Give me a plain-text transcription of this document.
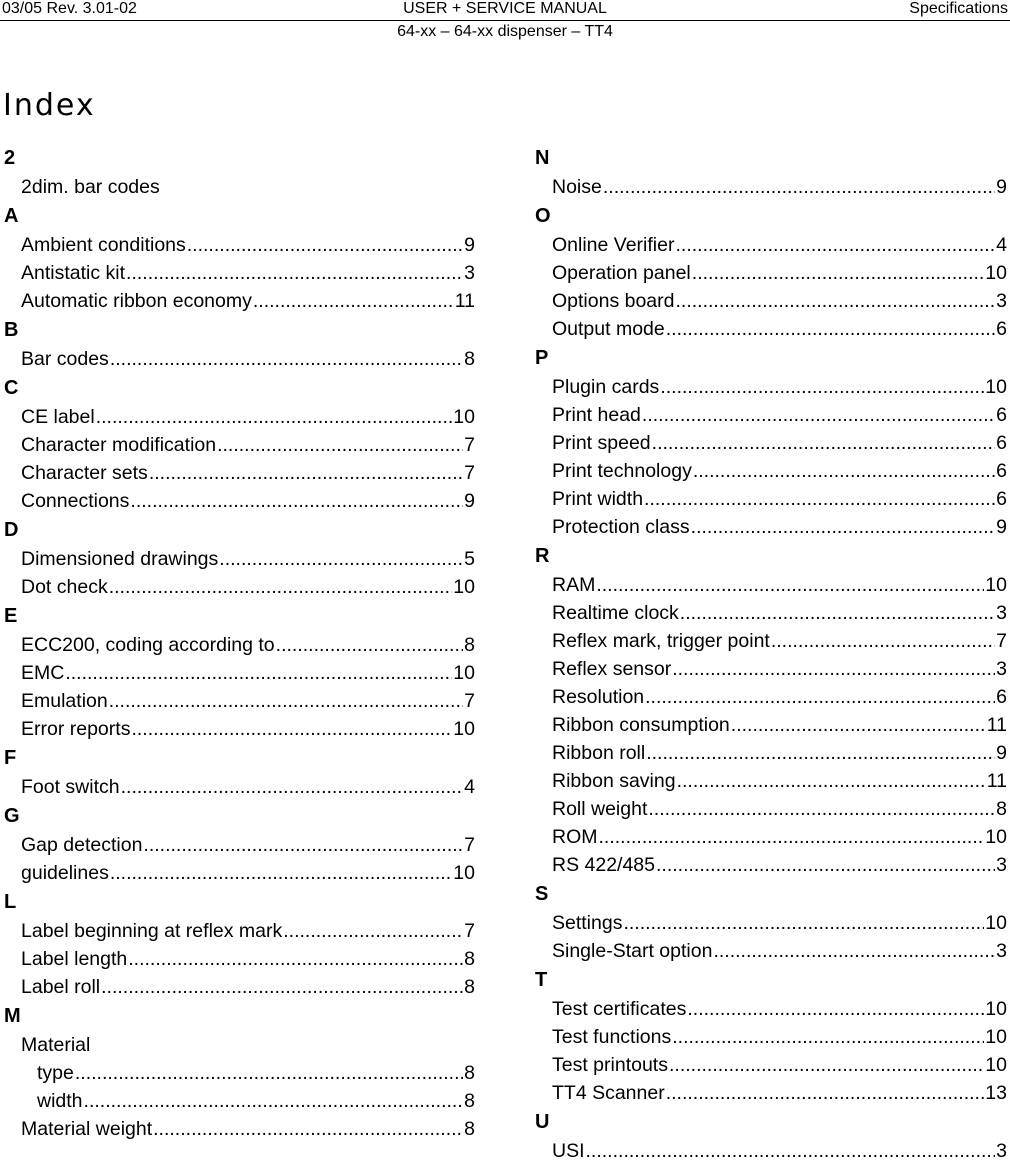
03/05 Rev. 3.01-02	USER + SERVICE MANUAL	Specifications
64-xx – 64-xx dispenser – TT4
Index
2
2dim. bar codes
A
Ambient conditions .....	9
Antistatic kit .....	3
Automatic ribbon economy .....	11
B
Bar codes .....	8
C
CE label .....	10
Character modification .....	7
Character sets .....	7
Connections .....	9
D
Dimensioned drawings .....	5
Dot check .....	10
E
ECC200, coding according to .....	8
EMC .....	10
Emulation .....	7
Error reports .....	10
F
Foot switch .....	4
G
Gap detection .....	7
guidelines .....	10
L
Label beginning at reflex mark .....	7
Label length .....	8
Label roll .....	8
M
Material
type .....	8
width .....	8
Material weight .....	8
N
Noise .....	9
O
Online Verifier .....	4
Operation panel .....	10
Options board .....	3
Output mode .....	6
P
Plugin cards .....	10
Print head .....	6
Print speed .....	6
Print technology .....	6
Print width .....	6
Protection class .....	9
R
RAM .....	10
Realtime clock .....	3
Reflex mark, trigger point .....	7
Reflex sensor .....	3
Resolution .....	6
Ribbon consumption .....	11
Ribbon roll .....	9
Ribbon saving .....	11
Roll weight .....	8
ROM .....	10
RS 422/485 .....	3
S
Settings .....	10
Single-Start option .....	3
T
Test certificates .....	10
Test functions .....	10
Test printouts .....	10
TT4 Scanner .....	13
U
USI .....	3
